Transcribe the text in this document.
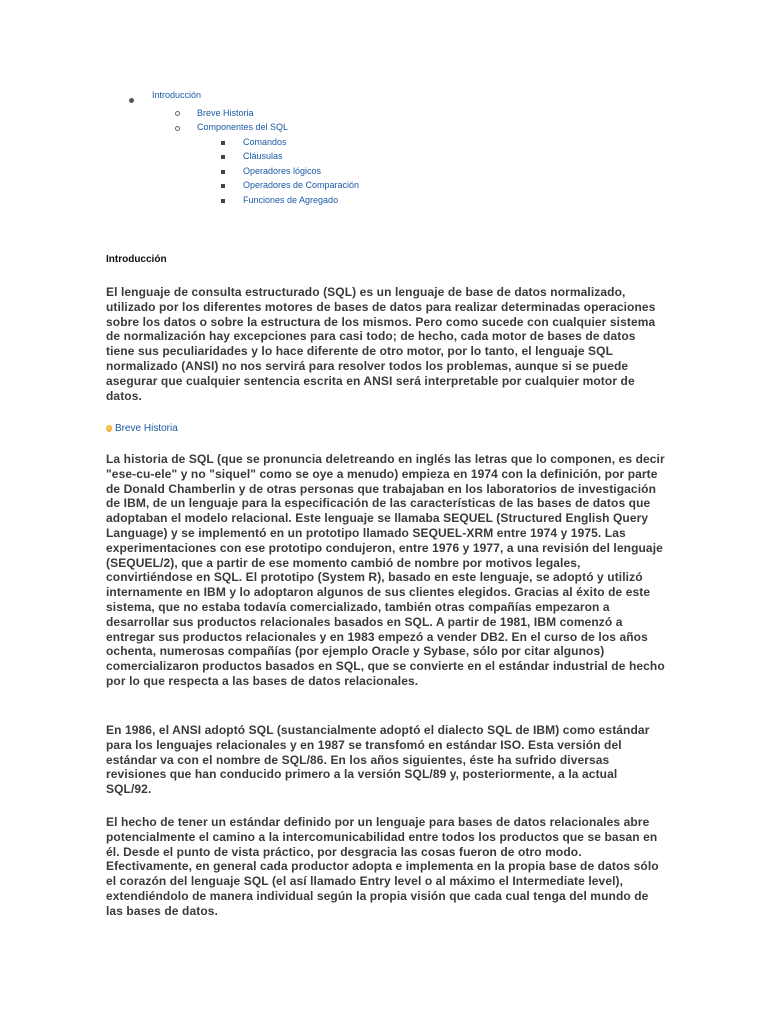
Introducción
Breve Historia
Componentes del SQL
Comandos
Cláusulas
Operadores lógicos
Operadores de Comparación
Funciones de Agregado
Introducción
El lenguaje de consulta estructurado (SQL) es un lenguaje de base de datos normalizado, utilizado por los diferentes motores de bases de datos para realizar determinadas operaciones sobre los datos o sobre la estructura de los mismos. Pero como sucede con cualquier sistema de normalización hay excepciones para casi todo; de hecho, cada motor de bases de datos tiene sus peculiaridades y lo hace diferente de otro motor, por lo tanto, el lenguaje SQL normalizado (ANSI) no nos servirá para resolver todos los problemas, aunque si se puede asegurar que cualquier sentencia escrita en ANSI será interpretable por cualquier motor de datos.
Breve Historia
La historia de SQL (que se pronuncia deletreando en inglés las letras que lo componen, es decir "ese-cu-ele" y no "siquel" como se oye a menudo) empieza en 1974 con la definición, por parte de Donald Chamberlin y de otras personas que trabajaban en los laboratorios de investigación de IBM, de un lenguaje para la especificación de las características de las bases de datos que adoptaban el modelo relacional. Este lenguaje se llamaba SEQUEL (Structured English Query Language) y se implementó en un prototipo llamado SEQUEL-XRM entre 1974 y 1975. Las experimentaciones con ese prototipo condujeron, entre 1976 y 1977, a una revisión del lenguaje (SEQUEL/2), que a partir de ese momento cambió de nombre por motivos legales, convirtiéndose en SQL. El prototipo (System R), basado en este lenguaje, se adoptó y utilizó internamente en IBM y lo adoptaron algunos de sus clientes elegidos. Gracias al éxito de este sistema, que no estaba todavía comercializado, también otras compañías empezaron a desarrollar sus productos relacionales basados en SQL. A partir de 1981, IBM comenzó a entregar sus productos relacionales y en 1983 empezó a vender DB2. En el curso de los años ochenta, numerosas compañías (por ejemplo Oracle y Sybase, sólo por citar algunos) comercializaron productos basados en SQL, que se convierte en el estándar industrial de hecho por lo que respecta a las bases de datos relacionales.
En 1986, el ANSI adoptó SQL (sustancialmente adoptó el dialecto SQL de IBM) como estándar para los lenguajes relacionales y en 1987 se transfomó en estándar ISO. Esta versión del estándar va con el nombre de SQL/86. En los años siguientes, éste ha sufrido diversas revisiones que han conducido primero a la versión SQL/89 y, posteriormente, a la actual SQL/92.
El hecho de tener un estándar definido por un lenguaje para bases de datos relacionales abre potencialmente el camino a la intercomunicabilidad entre todos los productos que se basan en él. Desde el punto de vista práctico, por desgracia las cosas fueron de otro modo. Efectivamente, en general cada productor adopta e implementa en la propia base de datos sólo el corazón del lenguaje SQL (el así llamado Entry level o al máximo el Intermediate level), extendiéndolo de manera individual según la propia visión que cada cual tenga del mundo de las bases de datos.
